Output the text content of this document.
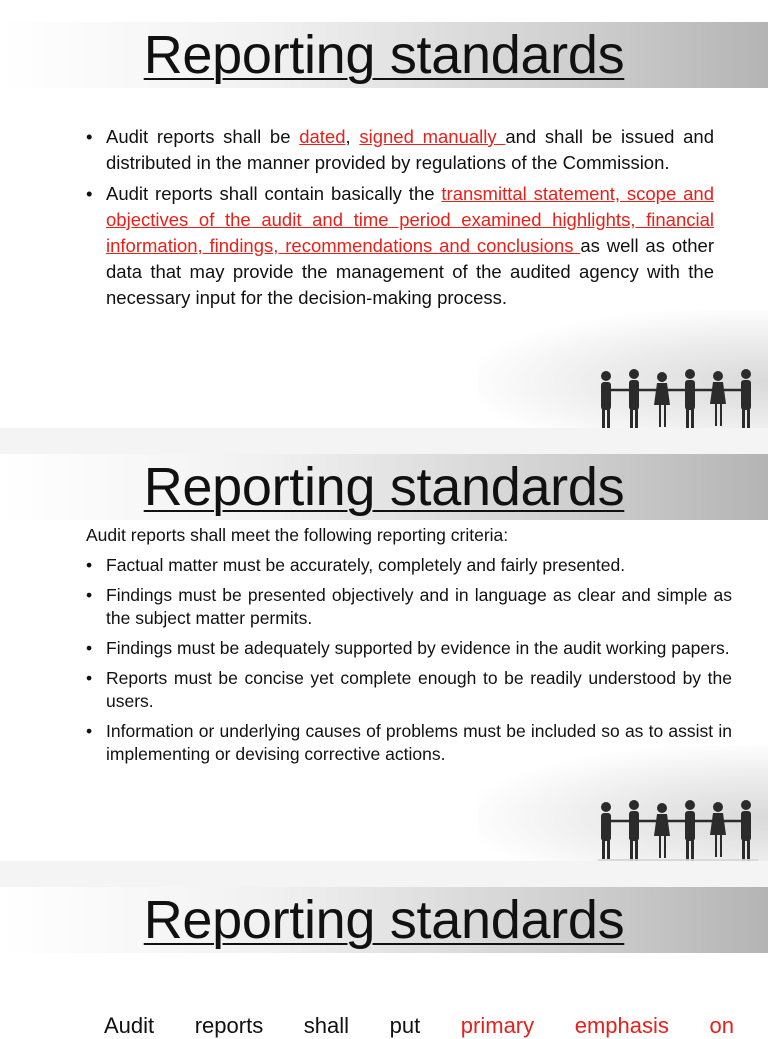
Reporting standards
• Audit reports shall be dated, signed manually and shall be issued and distributed in the manner provided by regulations of the Commission.
• Audit reports shall contain basically the transmittal statement, scope and objectives of the audit and time period examined highlights, financial information, findings, recommendations and conclusions as well as other data that may provide the management of the audited agency with the necessary input for the decision-making process.
Reporting standards
Audit reports shall meet the following reporting criteria:
• Factual matter must be accurately, completely and fairly presented.
• Findings must be presented objectively and in language as clear and simple as the subject matter permits.
• Findings must be adequately supported by evidence in the audit working papers.
• Reports must be concise yet complete enough to be readily understood by the users.
• Information or underlying causes of problems must be included so as to assist in implementing or devising corrective actions.
Reporting standards
Audit reports shall put primary emphasis on
